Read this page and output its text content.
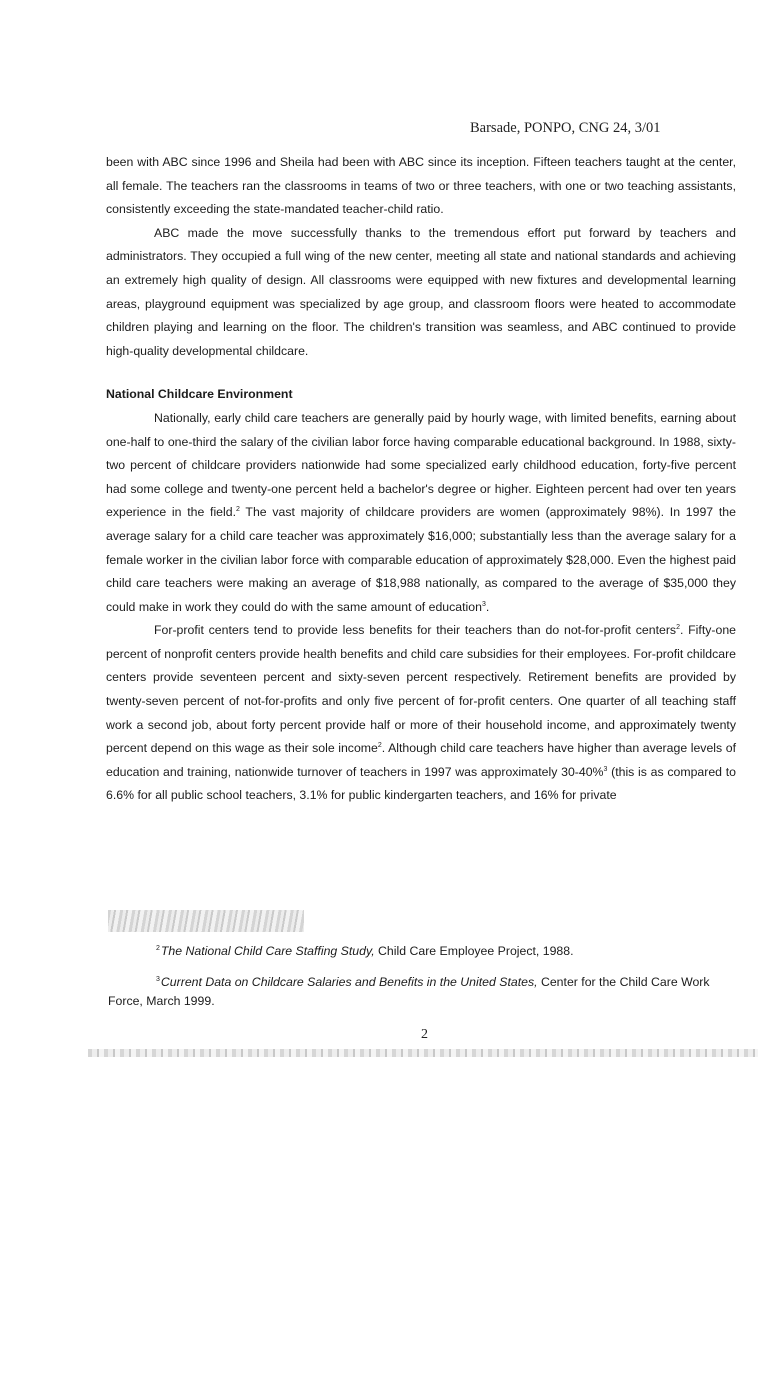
Barsade, PONPO, CNG 24, 3/01

been with ABC since 1996 and Sheila had been with ABC since its inception. Fifteen teachers taught at the center, all female. The teachers ran the classrooms in teams of two or three teachers, with one or two teaching assistants, consistently exceeding the state-mandated teacher-child ratio.

ABC made the move successfully thanks to the tremendous effort put forward by teachers and administrators. They occupied a full wing of the new center, meeting all state and national standards and achieving an extremely high quality of design. All classrooms were equipped with new fixtures and developmental learning areas, playground equipment was specialized by age group, and classroom floors were heated to accommodate children playing and learning on the floor. The children's transition was seamless, and ABC continued to provide high-quality developmental childcare.

National Childcare Environment

Nationally, early child care teachers are generally paid by hourly wage, with limited benefits, earning about one-half to one-third the salary of the civilian labor force having comparable educational background. In 1988, sixty-two percent of childcare providers nationwide had some specialized early childhood education, forty-five percent had some college and twenty-one percent held a bachelor's degree or higher. Eighteen percent had over ten years experience in the field.$^2$ The vast majority of childcare providers are women (approximately 98%). In 1997 the average salary for a child care teacher was approximately $16,000; substantially less than the average salary for a female worker in the civilian labor force with comparable education of approximately $28,000. Even the highest paid child care teachers were making an average of $18,988 nationally, as compared to the average of $35,000 they could make in work they could do with the same amount of education$^3$.

For-profit centers tend to provide less benefits for their teachers than do not-for-profit centers$^2$. Fifty-one percent of nonprofit centers provide health benefits and child care subsidies for their employees. For-profit childcare centers provide seventeen percent and sixty-seven percent respectively. Retirement benefits are provided by twenty-seven percent of not-for-profits and only five percent of for-profit centers. One quarter of all teaching staff work a second job, about forty percent provide half or more of their household income, and approximately twenty percent depend on this wage as their sole income$^2$. Although child care teachers have higher than average levels of education and training, nationwide turnover of teachers in 1997 was approximately 30-40%$^3$ (this is as compared to 6.6% for all public school teachers, 3.1% for public kindergarten teachers, and 16% for private

$^2$The National Child Care Staffing Study, Child Care Employee Project, 1988.

$^3$Current Data on Childcare Salaries and Benefits in the United States, Center for the Child Care Work Force, March 1999.

2
